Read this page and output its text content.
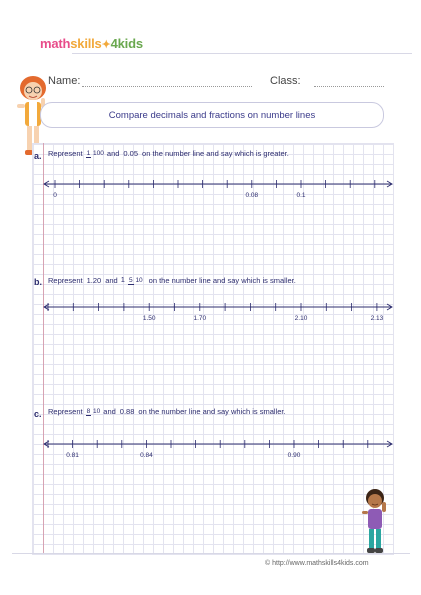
mathskills✦4kids
Name:	Class:
Compare decimals and fractions on number lines
a. Represent 1 100 and 0.05 on the number line and say which is greater.
b. Represent 1.20 and 1 5 10 on the number line and say which is smaller.
c. Represent 8 10 and 0.88 on the number line and say which is smaller.
0	0.08	0.1
1.50	1.70	2.10	2.13
0.81	0.84	0.90
© http://www.mathskills4kids.com
